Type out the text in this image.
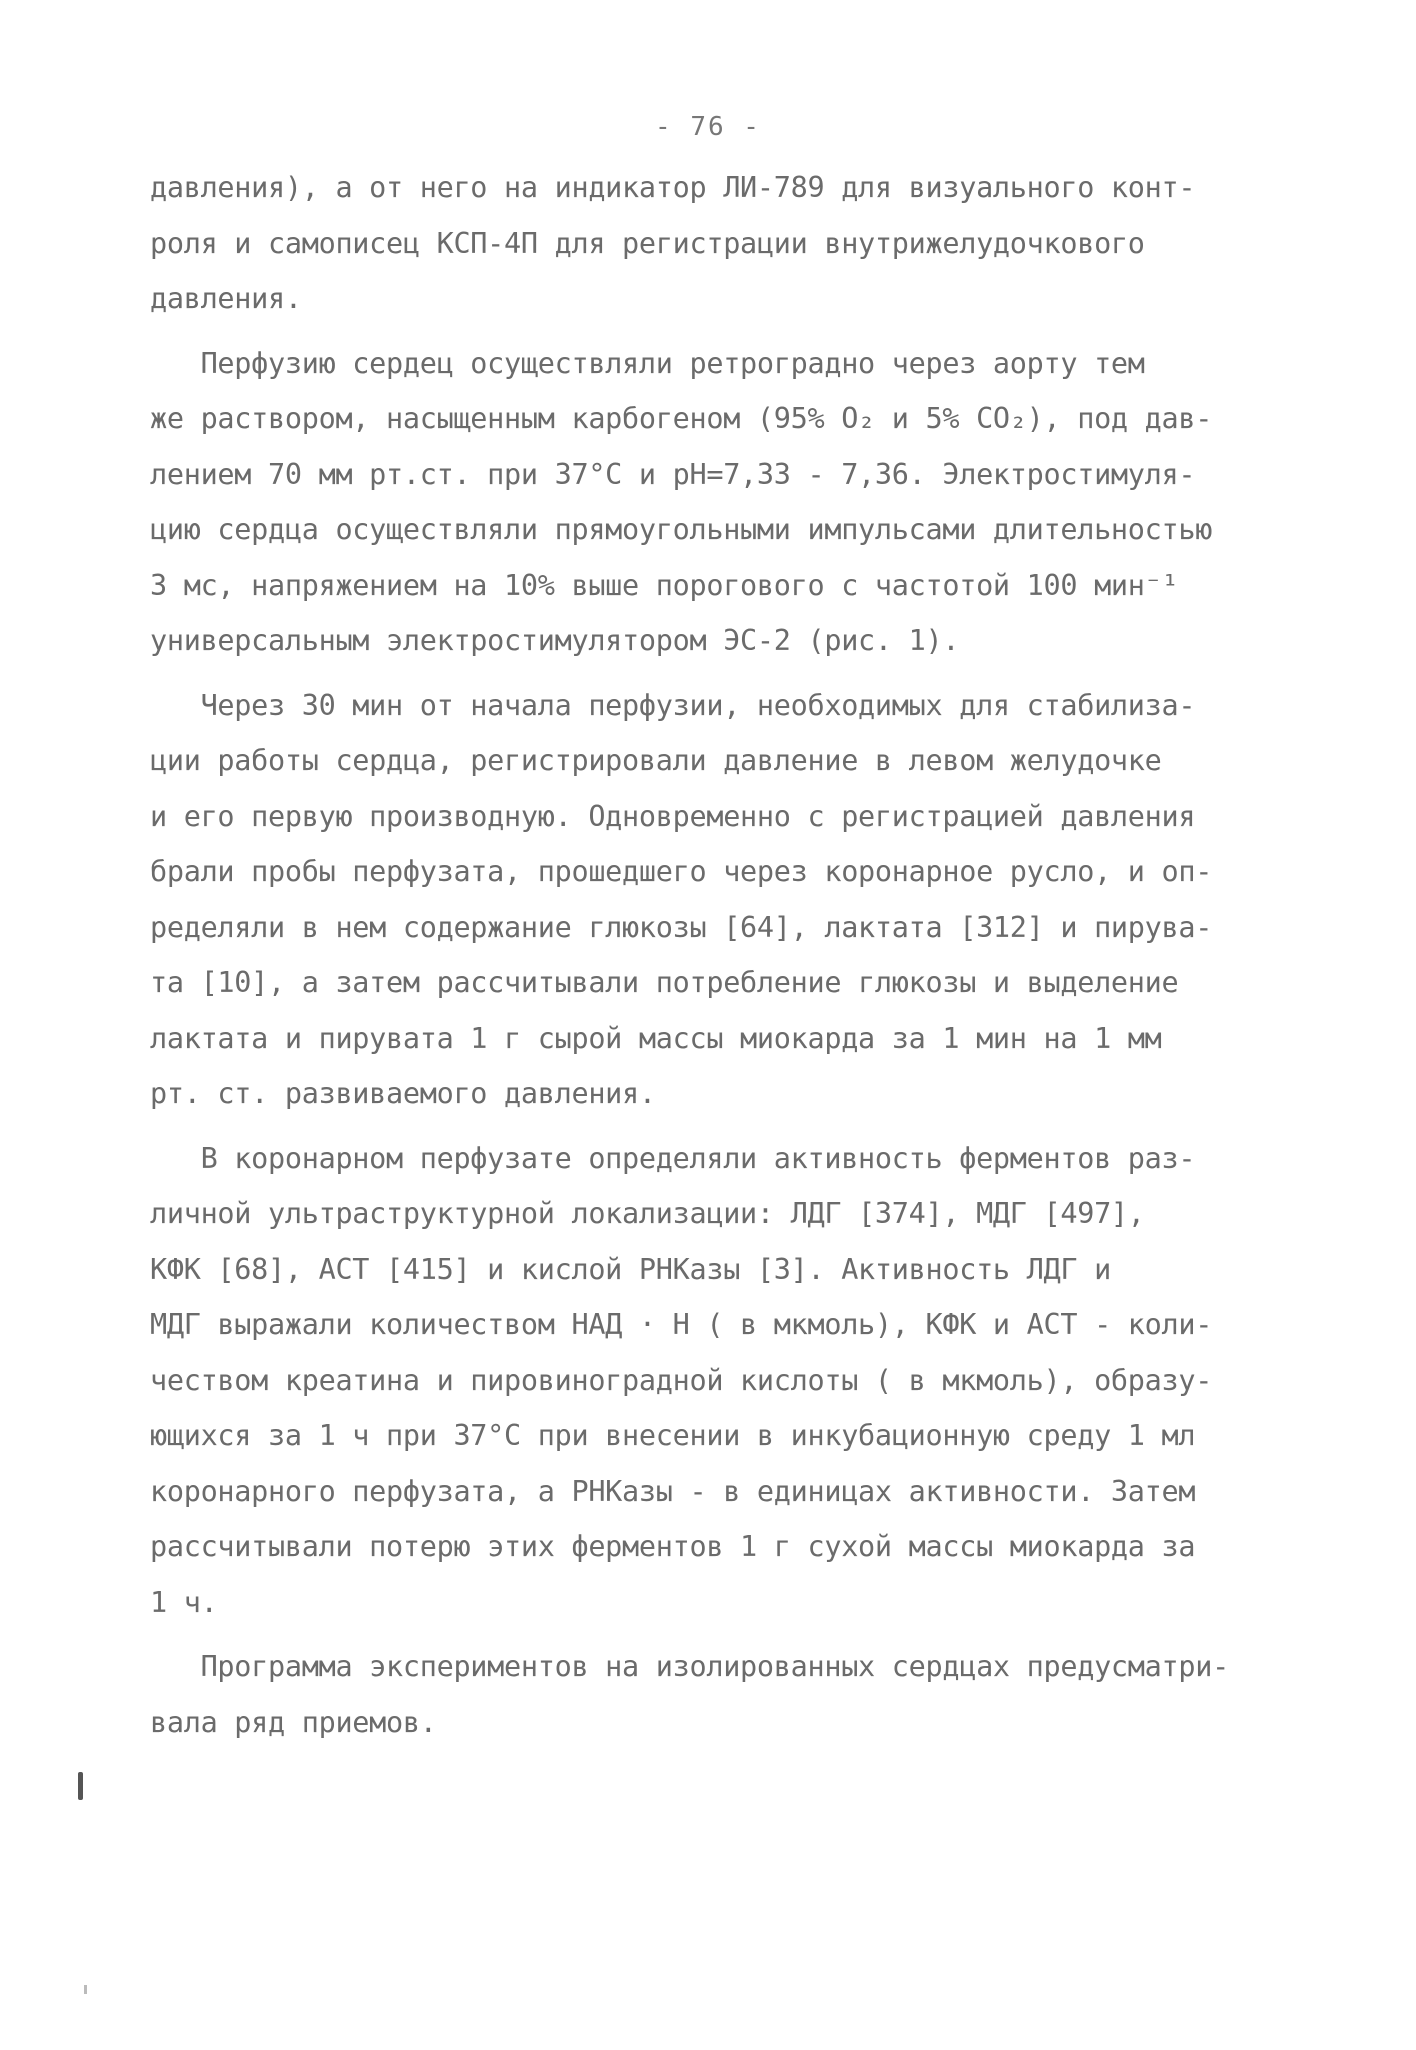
- 76 -
давления), а от него на индикатор ЛИ-789 для визуального конт-
роля и самописец КСП-4П для регистрации внутрижелудочкового
давления.
Перфузию сердец осуществляли ретроградно через аорту тем
же раствором, насыщенным карбогеном (95% O₂ и 5% CO₂), под дав-
лением 70 мм рт.ст. при 37°C и pH=7,33 - 7,36. Электростимуля-
цию сердца осуществляли прямоугольными импульсами длительностью
3 мс, напряжением на 10% выше порогового с частотой 100 мин⁻¹
универсальным электростимулятором ЭС-2 (рис. 1).
Через 30 мин от начала перфузии, необходимых для стабилиза-
ции работы сердца, регистрировали давление в левом желудочке
и его первую производную. Одновременно с регистрацией давления
брали пробы перфузата, прошедшего через коронарное русло, и оп-
ределяли в нем содержание глюкозы [64], лактата [312] и пирува-
та [10], а затем рассчитывали потребление глюкозы и выделение
лактата и пирувата 1 г сырой массы миокарда за 1 мин на 1 мм
рт. ст. развиваемого давления.
В коронарном перфузате определяли активность ферментов раз-
личной ультраструктурной локализации: ЛДГ [374], МДГ [497],
КФК [68], АСТ [415] и кислой РНКазы [3]. Активность ЛДГ и
МДГ выражали количеством НАД · Н ( в мкмоль), КФК и АСТ - коли-
чеством креатина и пировиноградной кислоты ( в мкмоль), образу-
ющихся за 1 ч при 37°C при внесении в инкубационную среду 1 мл
коронарного перфузата, а РНКазы - в единицах активности. Затем
рассчитывали потерю этих ферментов 1 г сухой массы миокарда за
1 ч.
Программа экспериментов на изолированных сердцах предусматри-
вала ряд приемов.
